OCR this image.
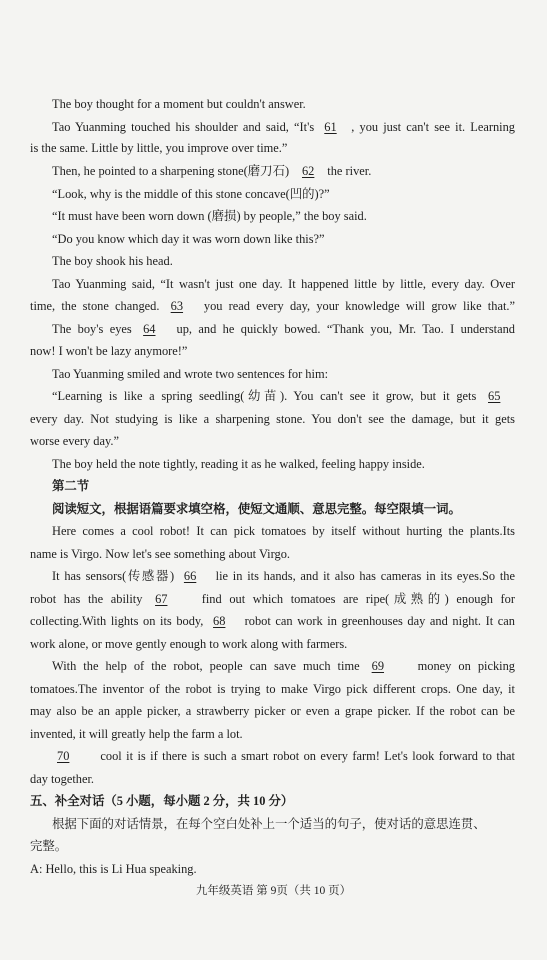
The boy thought for a moment but couldn't answer.
Tao Yuanming touched his shoulder and said, “It's 61 , you just can't see it. Learning
is the same. Little by little, you improve over time.”
Then, he pointed to a sharpening stone(磨刀石) 62 the river.
“Look, why is the middle of this stone concave(凹的)?”
“It must have been worn down (磨损) by people,” the boy said.
“Do you know which day it was worn down like this?”
The boy shook his head.
Tao Yuanming said, “It wasn't just one day. It happened little by little, every day. Over
time, the stone changed. 63 you read every day, your knowledge will grow like that.”
The boy's eyes 64 up, and he quickly bowed. “Thank you, Mr. Tao. I understand
now! I won't be lazy anymore!”
Tao Yuanming smiled and wrote two sentences for him:
“Learning is like a spring seedling(幼苗). You can't see it grow, but it gets 65
every day. Not studying is like a sharpening stone. You don't see the damage, but it gets
worse every day.”
The boy held the note tightly, reading it as he walked, feeling happy inside.
第二节
阅读短文，根据语篇要求填空格，使短文通顺、意思完整。每空限填一词。
Here comes a cool robot! It can pick tomatoes by itself without hurting the plants.Its
name is Virgo. Now let's see something about Virgo.
It has sensors(传感器) 66 lie in its hands, and it also has cameras in its eyes.So the
robot has the ability 67 find out which tomatoes are ripe(成熟的) enough for
collecting.With lights on its body, 68 robot can work in greenhouses day and night. It can
work alone, or move gently enough to work along with farmers.
With the help of the robot, people can save much time 69 money on picking
tomatoes.The inventor of the robot is trying to make Virgo pick different crops. One day, it
may also be an apple picker, a strawberry picker or even a grape picker. If the robot can be
invented, it will greatly help the farm a lot.
70 cool it is if there is such a smart robot on every farm! Let's look forward to that
day together.
五、补全对话（5 小题，每小题 2 分，共 10 分）
根据下面的对话情景，在每个空白处补上一个适当的句子，使对话的意思连贯、
完整。
A: Hello, this is Li Hua speaking.
九年级英语 第 9页（共 10 页）
